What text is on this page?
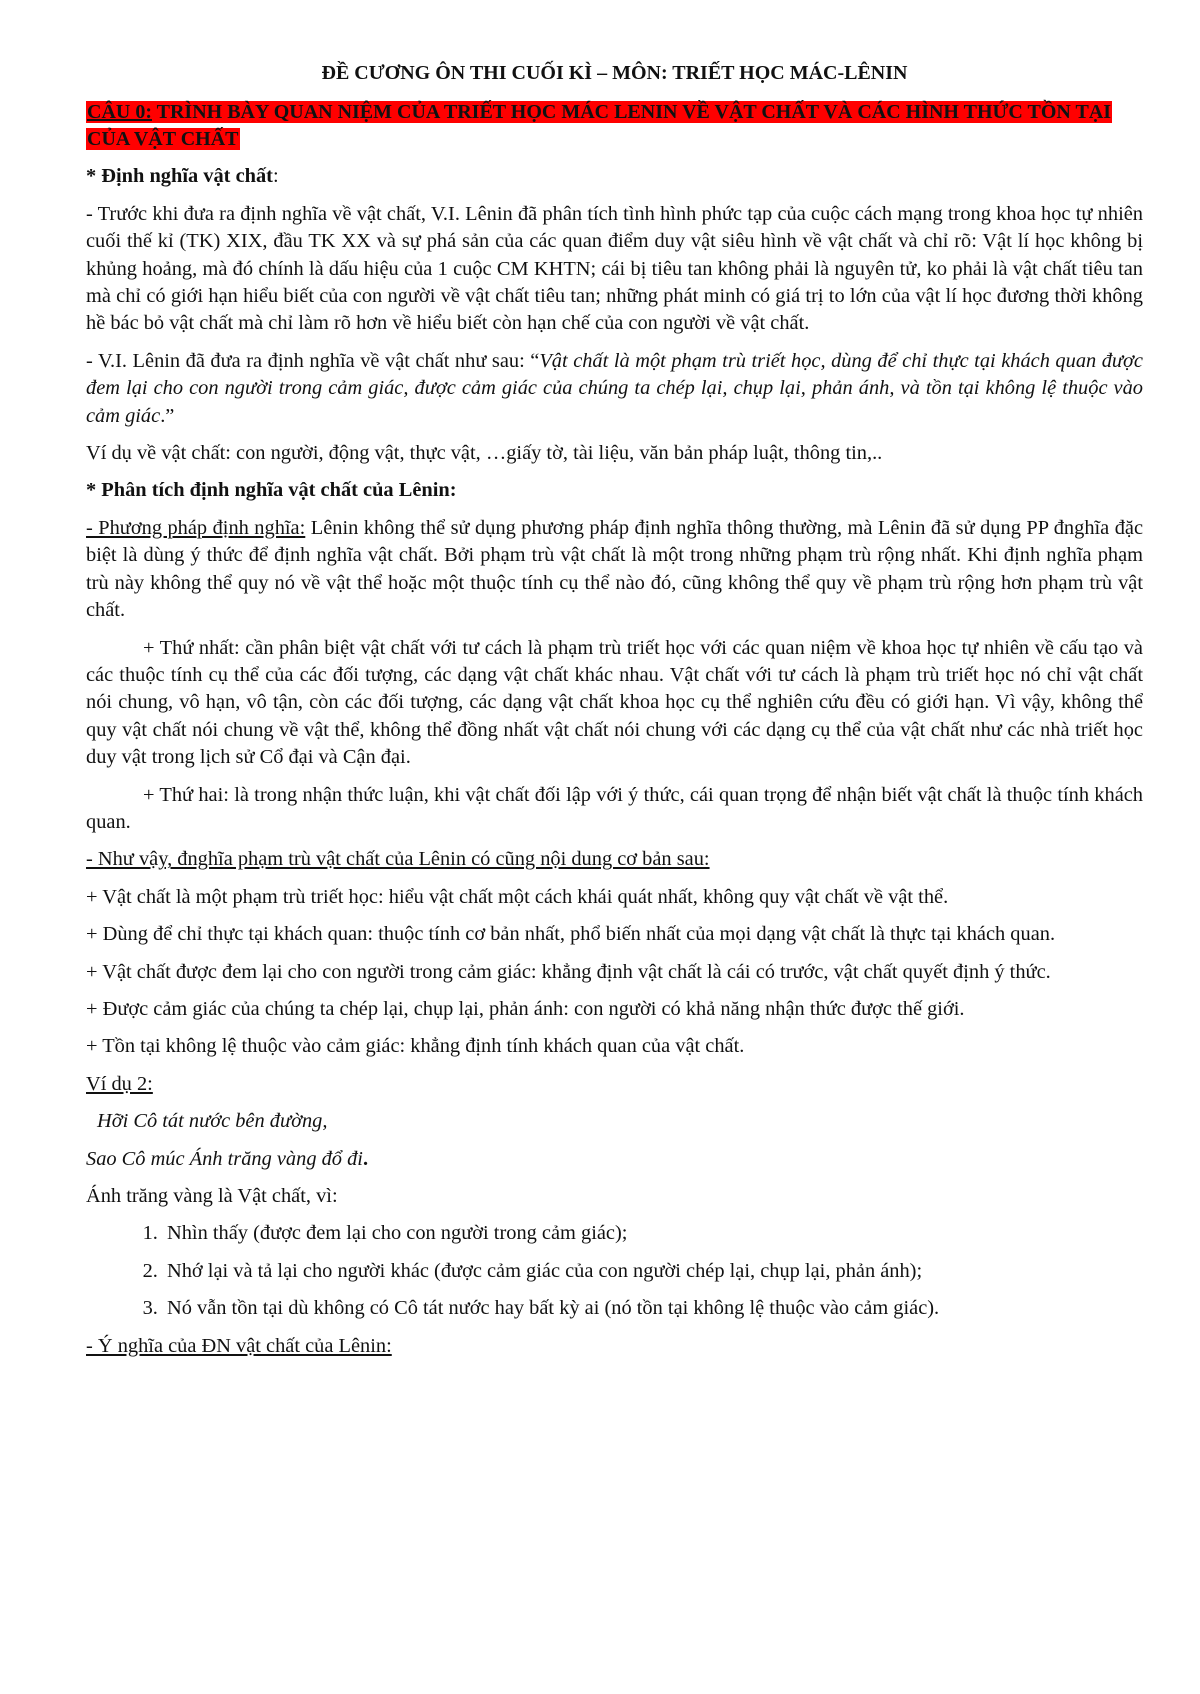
ĐỀ CƯƠNG ÔN THI CUỐI KÌ – MÔN: TRIẾT HỌC MÁC-LÊNIN
CÂU 0: TRÌNH BÀY QUAN NIỆM CỦA TRIẾT HỌC MÁC LENIN VỀ VẬT CHẤT VÀ CÁC HÌNH THỨC TỒN TẠI CỦA VẬT CHẤT

* Định nghĩa vật chất:

- Trước khi đưa ra định nghĩa về vật chất, V.I. Lênin đã phân tích tình hình phức tạp của cuộc cách mạng trong khoa học tự nhiên cuối thế kỉ (TK) XIX, đầu TK XX và sự phá sản của các quan điểm duy vật siêu hình về vật chất và chỉ rõ: Vật lí học không bị khủng hoảng, mà đó chính là dấu hiệu của 1 cuộc CM KHTN; cái bị tiêu tan không phải là nguyên tử, ko phải là vật chất tiêu tan mà chỉ có giới hạn hiểu biết của con người về vật chất tiêu tan; những phát minh có giá trị to lớn của vật lí học đương thời không hề bác bỏ vật chất mà chỉ làm rõ hơn về hiểu biết còn hạn chế của con người về vật chất.

- V.I. Lênin đã đưa ra định nghĩa về vật chất như sau: “Vật chất là một phạm trù triết học, dùng để chỉ thực tại khách quan được đem lại cho con người trong cảm giác, được cảm giác của chúng ta chép lại, chụp lại, phản ánh, và tồn tại không lệ thuộc vào cảm giác.”

Ví dụ về vật chất: con người, động vật, thực vật, …giấy tờ, tài liệu, văn bản pháp luật, thông tin,..

* Phân tích định nghĩa vật chất của Lênin:

- Phương pháp định nghĩa: Lênin không thể sử dụng phương pháp định nghĩa thông thường, mà Lênin đã sử dụng PP đnghĩa đặc biệt là dùng ý thức để định nghĩa vật chất. Bởi phạm trù vật chất là một trong những phạm trù rộng nhất. Khi định nghĩa phạm trù này không thể quy nó về vật thể hoặc một thuộc tính cụ thể nào đó, cũng không thể quy về phạm trù rộng hơn phạm trù vật chất.

+ Thứ nhất: cần phân biệt vật chất với tư cách là phạm trù triết học với các quan niệm về khoa học tự nhiên về cấu tạo và các thuộc tính cụ thể của các đối tượng, các dạng vật chất khác nhau. Vật chất với tư cách là phạm trù triết học nó chỉ vật chất nói chung, vô hạn, vô tận, còn các đối tượng, các dạng vật chất khoa học cụ thể nghiên cứu đều có giới hạn. Vì vậy, không thể quy vật chất nói chung về vật thể, không thể đồng nhất vật chất nói chung với các dạng cụ thể của vật chất như các nhà triết học duy vật trong lịch sử Cổ đại và Cận đại.

+ Thứ hai: là trong nhận thức luận, khi vật chất đối lập với ý thức, cái quan trọng để nhận biết vật chất là thuộc tính khách quan.

- Như vậy, đnghĩa phạm trù vật chất của Lênin có cũng nội dung cơ bản sau:

+ Vật chất là một phạm trù triết học: hiểu vật chất một cách khái quát nhất, không quy vật chất về vật thể.

+ Dùng để chỉ thực tại khách quan: thuộc tính cơ bản nhất, phổ biến nhất của mọi dạng vật chất là thực tại khách quan.

+ Vật chất được đem lại cho con người trong cảm giác: khẳng định vật chất là cái có trước, vật chất quyết định ý thức.

+ Được cảm giác của chúng ta chép lại, chụp lại, phản ánh: con người có khả năng nhận thức được thế giới.

+ Tồn tại không lệ thuộc vào cảm giác: khẳng định tính khách quan của vật chất.

Ví dụ 2:

Hỡi Cô tát nước bên đường,
Sao Cô múc Ánh trăng vàng đổ đi.

Ánh trăng vàng là Vật chất, vì:

1. Nhìn thấy (được đem lại cho con người trong cảm giác);
2. Nhớ lại và tả lại cho người khác (được cảm giác của con người chép lại, chụp lại, phản ánh);
3. Nó vẫn tồn tại dù không có Cô tát nước hay bất kỳ ai (nó tồn tại không lệ thuộc vào cảm giác).

- Ý nghĩa của ĐN vật chất của Lênin:
